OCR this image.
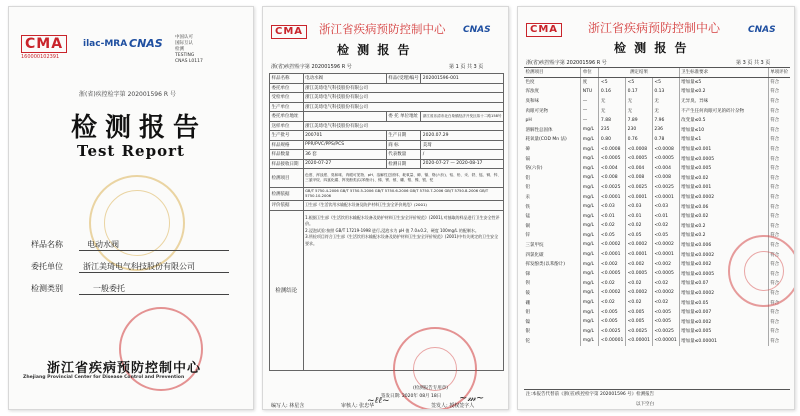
CMA
160000102391
ilac-MRA CNAS	中国认可
国际互认
检测
TESTING
CNAS L0117
浙(省)疾控检字第 202001596 R 号
检测报告
Test Report
样品名称	电动水阀
委托单位	浙江美琦电气科技股份有限公司
检测类别	一般委托
浙江省疾病预防控制中心
Zhejiang Provincial Center for Disease Control and Prevention
CMA	CNAS
浙江省疾病预防控制中心
检 测 报 告
浙(省)疾控检字第 202001596 R 号	第 1 页 共 3 页
样品名称	电动水阀	样品(受理)编号	202001596-001
委托单位	浙江美琦电气科技股份有限公司		
受检单位	浙江美琦电气科技股份有限公司		
生产单位	浙江美琦电气科技股份有限公司		
委托单位地址		委 托 单位地址	浙江省乐清市北白象镇经济开发区纬十二路158号
送样单位	浙江美琦电气科技股份有限公司		
生产批号	200701	生产日期	2020.07.29
样品规格	PPR/PVC/PPS/PCS	商 标	美琦
样品数量	36 套	代表数量	/
样品接收日期	2020-07-27	检测日期	2020-07-27 — 2020-08-17
检测项目	色度、浑浊度、臭和味、肉眼可见物、pH、溶解性总固体、耗氧量、砷、镉、铬(六价)、铝、铅、汞、铁、锰、铜、锌、三氯甲烷、四氯化碳、挥发酚类(以苯酚计)、锑、钡、铍、硼、钼、镍、银、铊		
检测依据	GB/T 5750.4-2006 GB/T 5750.5-2006 GB/T 5750.6-2006 GB/T 5750.7-2006 GB/T 5750.8-2006 GB/T 5750.10-2006		
评价依据	卫生部《生活饮用水输配水设备及防护材料卫生安全评价规范》(2001)		
检测结论	1.根据卫生部《生活饮用水输配水设备及防护材料卫生安全评价规范》(2001),对抽取的样品进行卫生安全性评价。
2.浸泡试验:按照 GB/T 17219-1998 进行,浸泡水为 pH 值 7.0±0.2、硬度 100mg/L 的配制水。
3.所检项目符合卫生部《生活饮用水输配水设备及防护材料卫生安全评价规范》(2001)中有关规定的卫生安全要求。		
(检测报告专用章)
签发日期: 2020年 08月 18日
编写人: 林星含	审核人: 张忠华
~ℓℓ~	签发人: 授权签字人
~𝓂~
CMA	CNAS
浙江省疾病预防控制中心
检 测 报 告
浙(省)疾控检字第 202001596 R 号	第 3 页 共 3 页
检测项目	单位	测定结果			卫生标准要求	单项评价
色度	度	<5	<5	<5	增加量≤5	符合
浑浊度	NTU	0.16	0.17	0.13	增加量≤0.2	符合
臭和味	—	无	无	无	无异臭、异味	符合
肉眼可见物	—	无	无	无	不产生任何肉眼可见的碎片杂物	符合
pH	—	7.88	7.89	7.96	改变量≤0.5	符合
溶解性总固体	mg/L	235	230	236	增加量≤10	符合
耗氧量(COD Mn 法)	mg/L	0.80	0.76	0.78	增加量≤1	符合
砷	mg/L	<0.0008	<0.0008	<0.0008	增加量≤0.001	符合
镉	mg/L	<0.0005	<0.0005	<0.0005	增加量≤0.0005	符合
铬(六价)	mg/L	<0.004	<0.004	<0.004	增加量≤0.005	符合
铝	mg/L	<0.008	<0.008	<0.008	增加量≤0.02	符合
铅	mg/L	<0.0025	<0.0025	<0.0025	增加量≤0.001	符合
汞	mg/L	<0.0001	<0.0001	<0.0001	增加量≤0.0002	符合
铁	mg/L	<0.03	<0.03	<0.03	增加量≤0.06	符合
锰	mg/L	<0.01	<0.01	<0.01	增加量≤0.02	符合
铜	mg/L	<0.02	<0.02	<0.02	增加量≤0.2	符合
锌	mg/L	<0.05	<0.05	<0.05	增加量≤0.2	符合
三氯甲烷	mg/L	<0.0002	<0.0002	<0.0002	增加量≤0.006	符合
四氯化碳	mg/L	<0.0001	<0.0001	<0.0001	增加量≤0.0002	符合
挥发酚类(以苯酚计)	mg/L	<0.002	<0.002	<0.002	增加量≤0.002	符合
锑	mg/L	<0.0005	<0.0005	<0.0005	增加量≤0.0005	符合
钡	mg/L	<0.02	<0.02	<0.02	增加量≤0.07	符合
铍	mg/L	<0.0002	<0.0002	<0.0002	增加量≤0.0002	符合
硼	mg/L	<0.02	<0.02	<0.02	增加量≤0.05	符合
钼	mg/L	<0.005	<0.005	<0.005	增加量≤0.007	符合
镍	mg/L	<0.005	<0.005	<0.005	增加量≤0.002	符合
银	mg/L	<0.0025	<0.0025	<0.0025	增加量≤0.005	符合
铊	mg/L	<0.00001	<0.00001	<0.00001	增加量≤0.00001	符合
注:本报告代替前《浙(省)疾控检字第 202001596 号》检测报告
以下空白
